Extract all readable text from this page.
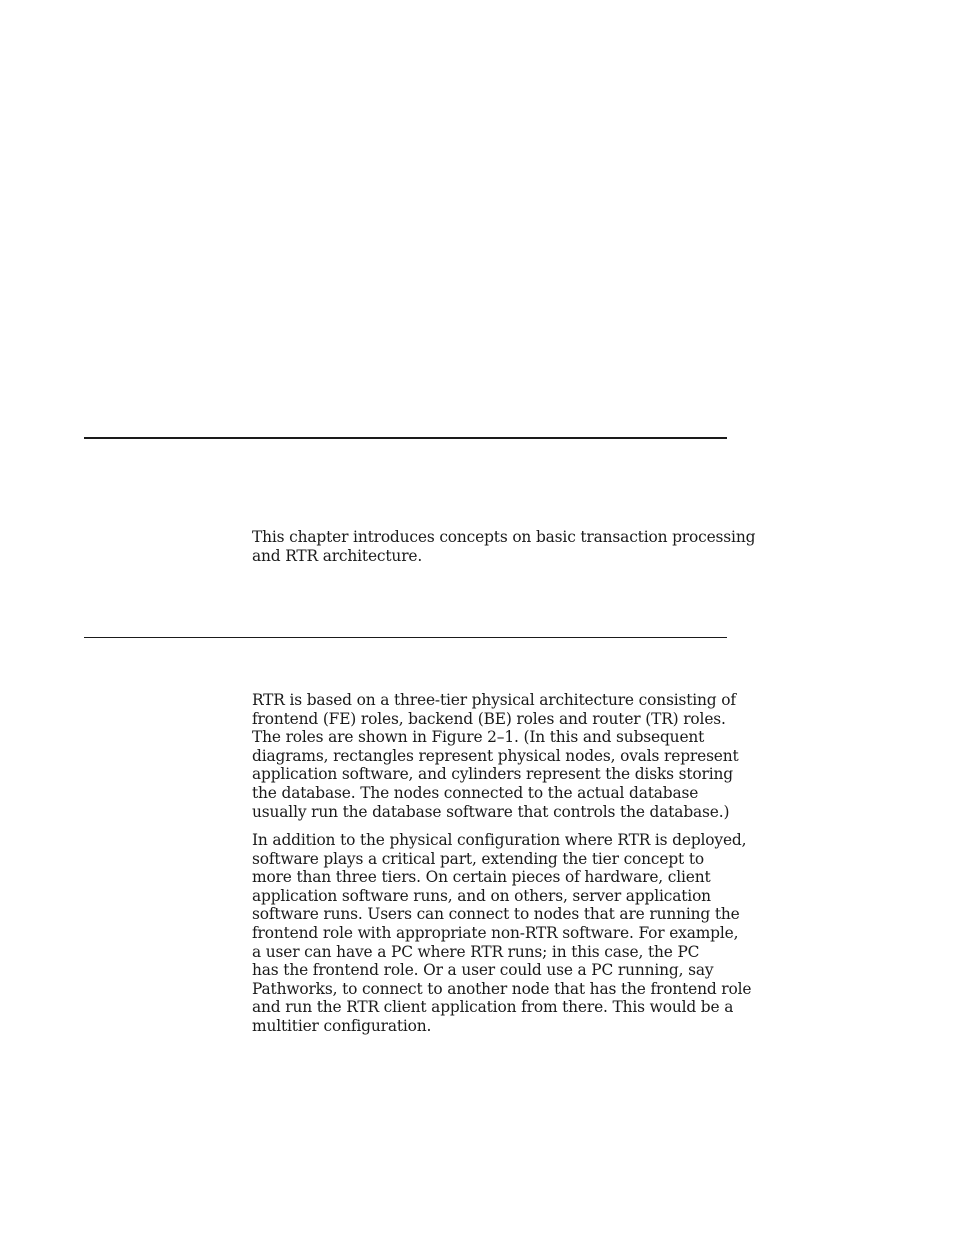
This chapter introduces concepts on basic transaction processing
and RTR architecture.
RTR is based on a three-tier physical architecture consisting of
frontend (FE) roles, backend (BE) roles and router (TR) roles.
The roles are shown in Figure 2–1. (In this and subsequent
diagrams, rectangles represent physical nodes, ovals represent
application software, and cylinders represent the disks storing
the database. The nodes connected to the actual database
usually run the database software that controls the database.)
In addition to the physical configuration where RTR is deployed,
software plays a critical part, extending the tier concept to
more than three tiers. On certain pieces of hardware, client
application software runs, and on others, server application
software runs. Users can connect to nodes that are running the
frontend role with appropriate non-RTR software. For example,
a user can have a PC where RTR runs; in this case, the PC
has the frontend role. Or a user could use a PC running, say
Pathworks, to connect to another node that has the frontend role
and run the RTR client application from there. This would be a
multitier configuration.
